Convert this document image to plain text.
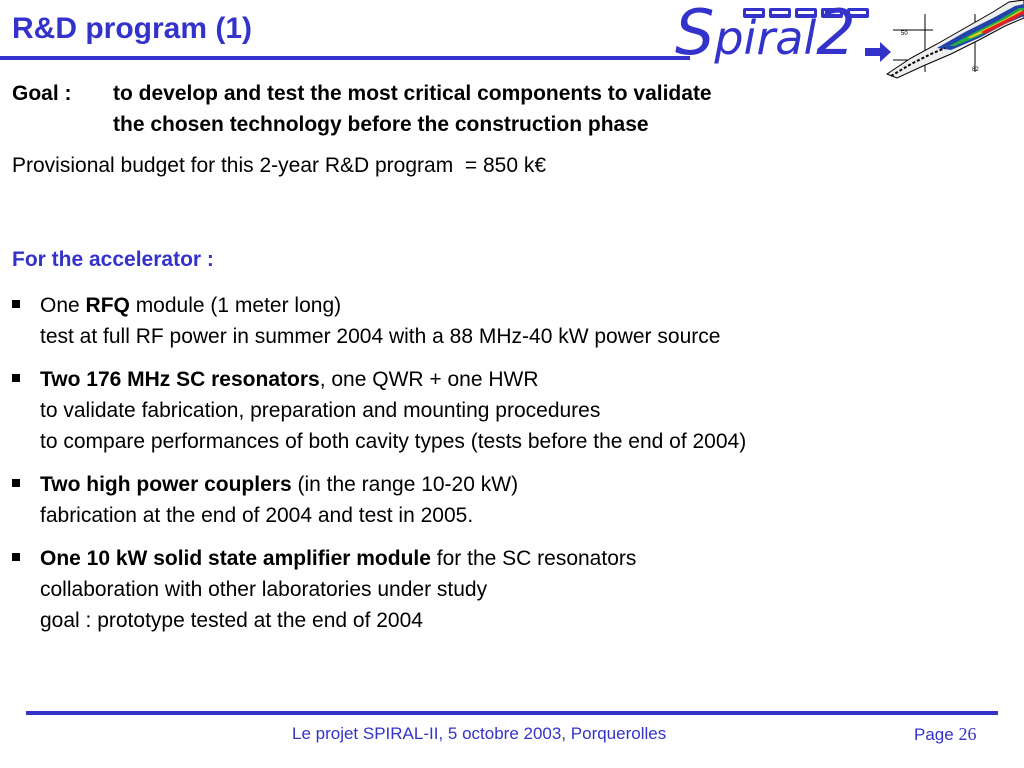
R&D program (1)	50
82
Spiral2
Goal : to develop and test the most critical components to validate
the chosen technology before the construction phase
Provisional budget for this 2-year R&D program  = 850 k€
For the accelerator :
One RFQ module (1 meter long)
test at full RF power in summer 2004 with a 88 MHz-40 kW power source
Two 176 MHz SC resonators, one QWR + one HWR
to validate fabrication, preparation and mounting procedures
to compare performances of both cavity types (tests before the end of 2004)
Two high power couplers (in the range 10-20 kW)
fabrication at the end of 2004 and test in 2005.
One 10 kW solid state amplifier module for the SC resonators
collaboration with other laboratories under study
goal : prototype tested at the end of 2004
Le projet SPIRAL-II, 5 octobre 2003, Porquerolles	Page 26
